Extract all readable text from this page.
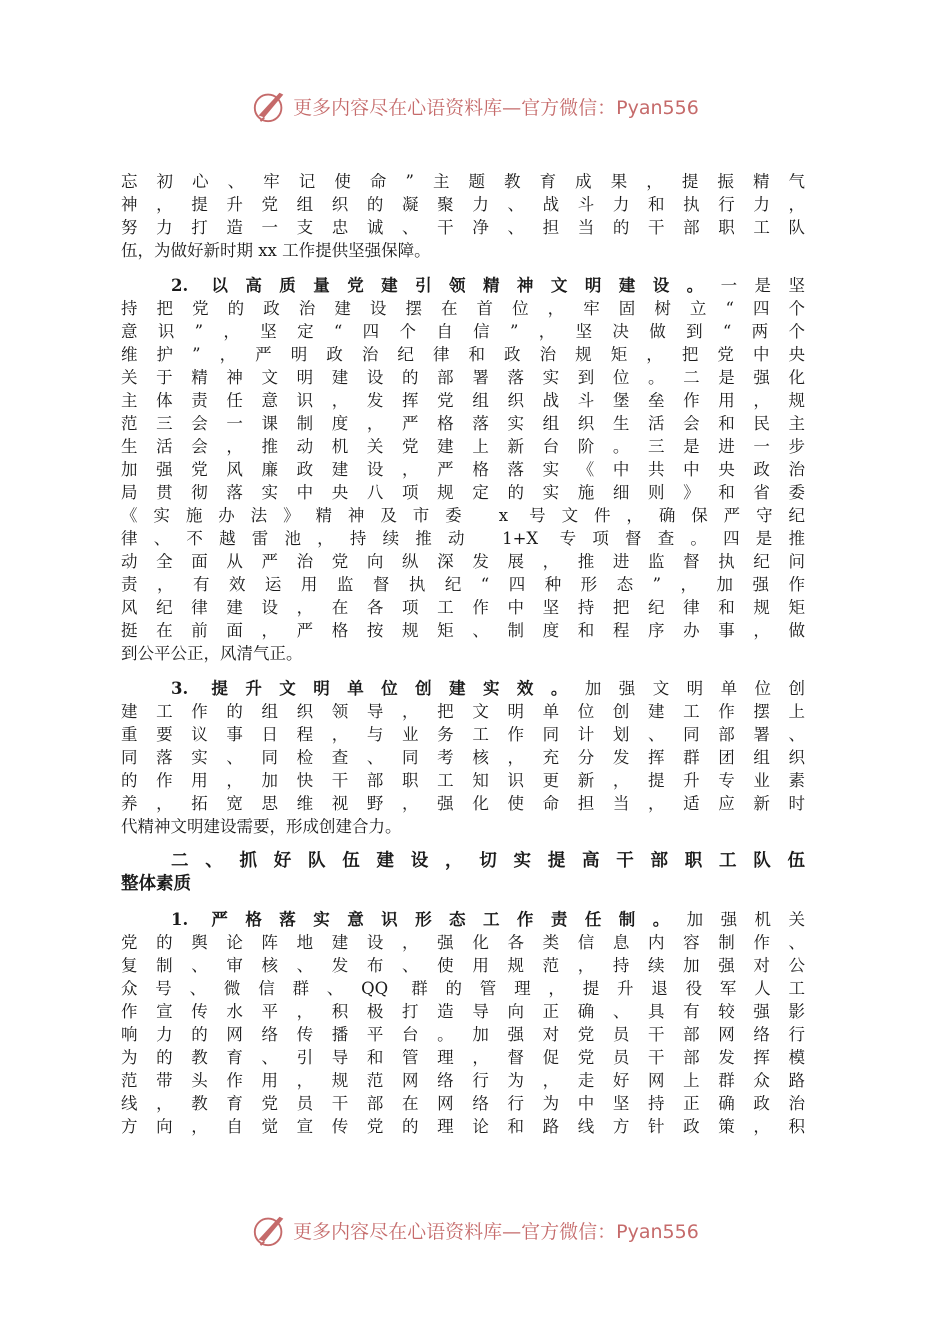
更多内容尽在心语资料库—官方微信：Pyan556
忘初心、牢记使命”主题教育成果，提振精气
神，提升党组织的凝聚力、战斗力和执行力，
努力打造一支忠诚、干净、担当的干部职工队
伍，为做好新时期 xx 工作提供坚强保障。
2. 以高质量党建引领精神文明建设。一是坚
持把党的政治建设摆在首位，牢固树立“四个
意识”，坚定“四个自信”，坚决做到“两个
维护”，严明政治纪律和政治规矩，把党中央
关于精神文明建设的部署落实到位。二是强化
主体责任意识，发挥党组织战斗堡垒作用，规
范三会一课制度，严格落实组织生活会和民主
生活会，推动机关党建上新台阶。三是进一步
加强党风廉政建设，严格落实《中共中央政治
局贯彻落实中央八项规定的实施细则》和省委
《实施办法》精神及市委 x 号文件，确保严守纪
律、不越雷池，持续推动 1+X 专项督查。四是推
动全面从严治党向纵深发展，推进监督执纪问
责，有效运用监督执纪“四种形态”，加强作
风纪律建设，在各项工作中坚持把纪律和规矩
挺在前面，严格按规矩、制度和程序办事，做
到公平公正，风清气正。
3. 提升文明单位创建实效。加强文明单位创
建工作的组织领导，把文明单位创建工作摆上
重要议事日程，与业务工作同计划、同部署、
同落实、同检查、同考核，充分发挥群团组织
的作用，加快干部职工知识更新，提升专业素
养，拓宽思维视野，强化使命担当，适应新时
代精神文明建设需要，形成创建合力。
二、抓好队伍建设，切实提高干部职工队伍
整体素质
1. 严格落实意识形态工作责任制。加强机关
党的舆论阵地建设，强化各类信息内容制作、
复制、审核、发布、使用规范，持续加强对公
众号、微信群、QQ 群的管理，提升退役军人工
作宣传水平，积极打造导向正确、具有较强影
响力的网络传播平台。加强对党员干部网络行
为的教育、引导和管理，督促党员干部发挥模
范带头作用，规范网络行为，走好网上群众路
线，教育党员干部在网络行为中坚持正确政治
方向，自觉宣传党的理论和路线方针政策，积
更多内容尽在心语资料库—官方微信：Pyan556
